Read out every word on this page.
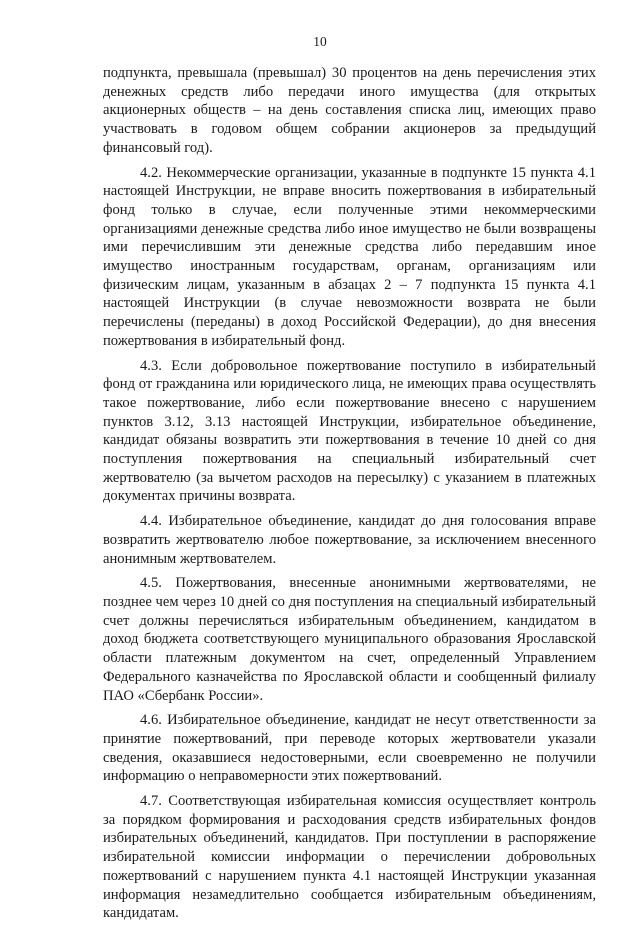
10

подпункта, превышала (превышал) 30 процентов на день перечисления этих денежных средств либо передачи иного имущества (для открытых акционерных обществ – на день составления списка лиц, имеющих право участвовать в годовом общем собрании акционеров за предыдущий финансовый год).

4.2. Некоммерческие организации, указанные в подпункте 15 пункта 4.1 настоящей Инструкции, не вправе вносить пожертвования в избирательный фонд только в случае, если полученные этими некоммерческими организациями денежные средства либо иное имущество не были возвращены ими перечислившим эти денежные средства либо передавшим иное имущество иностранным государствам, органам, организациям или физическим лицам, указанным в абзацах 2 – 7 подпункта 15 пункта 4.1 настоящей Инструкции (в случае невозможности возврата не были перечислены (переданы) в доход Российской Федерации), до дня внесения пожертвования в избирательный фонд.

4.3. Если добровольное пожертвование поступило в избирательный фонд от гражданина или юридического лица, не имеющих права осуществлять такое пожертвование, либо если пожертвование внесено с нарушением пунктов 3.12, 3.13 настоящей Инструкции, избирательное объединение, кандидат обязаны возвратить эти пожертвования в течение 10 дней со дня поступления пожертвования на специальный избирательный счет жертвователю (за вычетом расходов на пересылку) с указанием в платежных документах причины возврата.

4.4. Избирательное объединение, кандидат до дня голосования вправе возвратить жертвователю любое пожертвование, за исключением внесенного анонимным жертвователем.

4.5. Пожертвования, внесенные анонимными жертвователями, не позднее чем через 10 дней со дня поступления на специальный избирательный счет должны перечисляться избирательным объединением, кандидатом в доход бюджета соответствующего муниципального образования Ярославской области платежным документом на счет, определенный Управлением Федерального казначейства по Ярославской области и сообщенный филиалу ПАО «Сбербанк России».

4.6. Избирательное объединение, кандидат не несут ответственности за принятие пожертвований, при переводе которых жертвователи указали сведения, оказавшиеся недостоверными, если своевременно не получили информацию о неправомерности этих пожертвований.

4.7. Соответствующая избирательная комиссия осуществляет контроль за порядком формирования и расходования средств избирательных фондов избирательных объединений, кандидатов. При поступлении в распоряжение избирательной комиссии информации о перечислении добровольных пожертвований с нарушением пункта 4.1 настоящей Инструкции указанная информация незамедлительно сообщается избирательным объединениям, кандидатам.
